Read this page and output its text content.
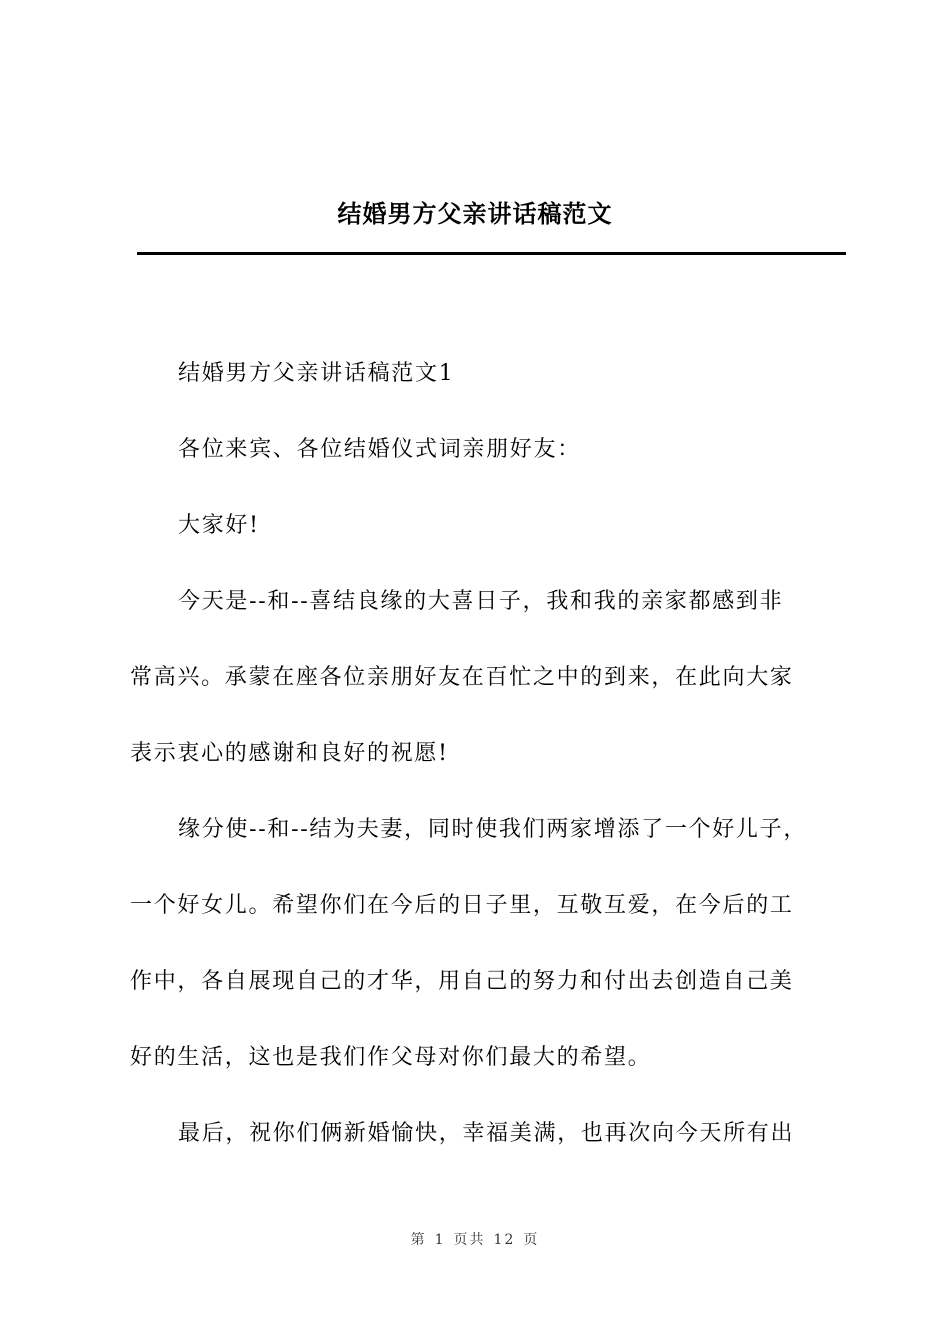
结婚男方父亲讲话稿范文

结婚男方父亲讲话稿范文1

各位来宾、各位结婚仪式词亲朋好友：

大家好!

今天是--和--喜结良缘的大喜日子，我和我的亲家都感到非
常高兴。承蒙在座各位亲朋好友在百忙之中的到来，在此向大家
表示衷心的感谢和良好的祝愿!

缘分使--和--结为夫妻，同时使我们两家增添了一个好儿子，
一个好女儿。希望你们在今后的日子里，互敬互爱，在今后的工
作中，各自展现自己的才华，用自己的努力和付出去创造自己美
好的生活，这也是我们作父母对你们最大的希望。

最后，祝你们俩新婚愉快，幸福美满，也再次向今天所有出

第 1 页共 12 页
